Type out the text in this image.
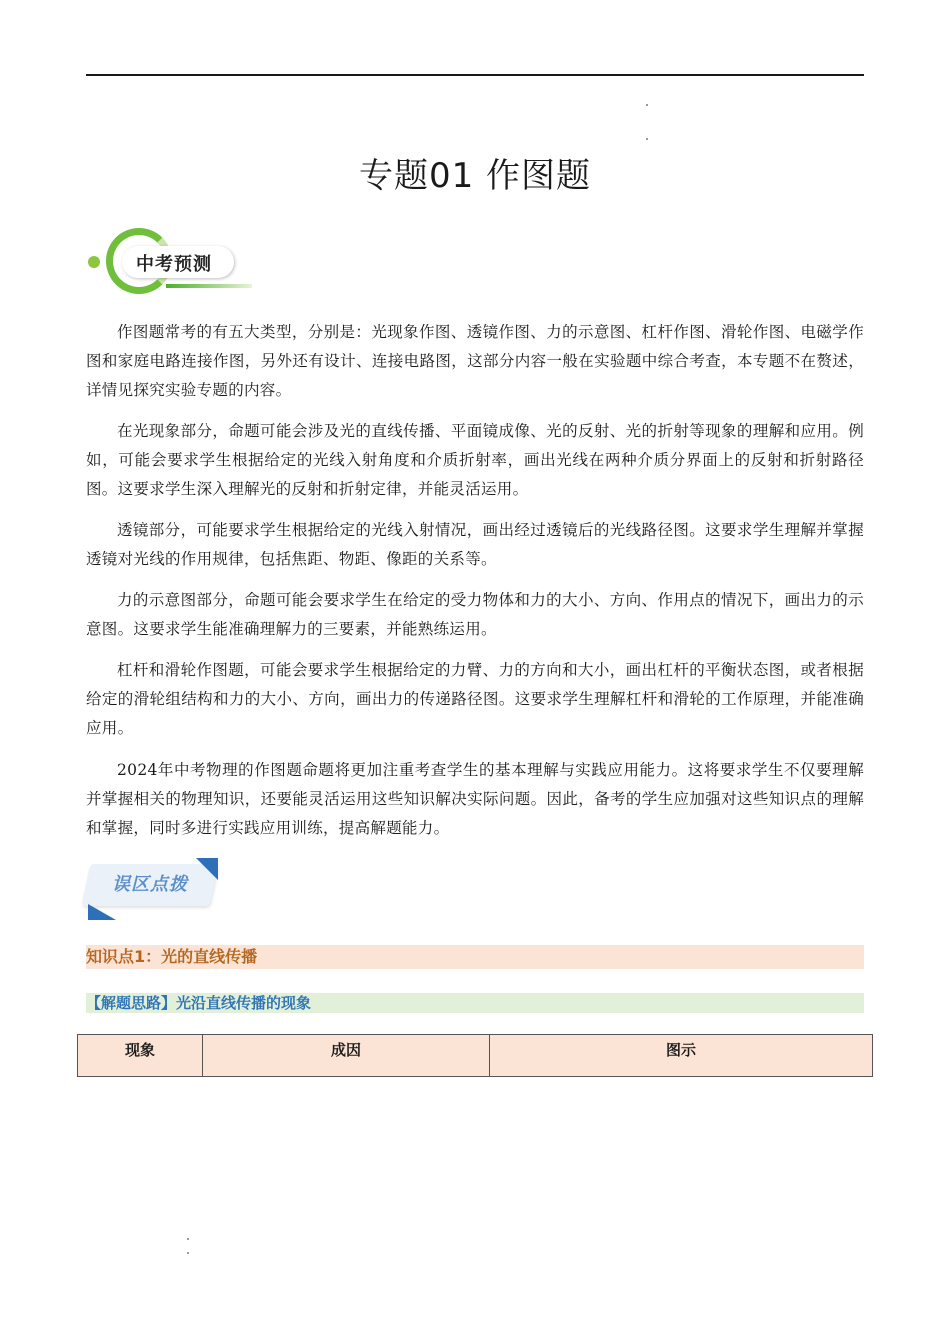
专题01 作图题
中考预测
作图题常考的有五大类型，分别是：光现象作图、透镜作图、力的示意图、杠杆作图、滑轮作图、电磁学作图和家庭电路连接作图，另外还有设计、连接电路图，这部分内容一般在实验题中综合考查，本专题不在赘述，详情见探究实验专题的内容。
在光现象部分，命题可能会涉及光的直线传播、平面镜成像、光的反射、光的折射等现象的理解和应用。例如，可能会要求学生根据给定的光线入射角度和介质折射率，画出光线在两种介质分界面上的反射和折射路径图。这要求学生深入理解光的反射和折射定律，并能灵活运用。
透镜部分，可能要求学生根据给定的光线入射情况，画出经过透镜后的光线路径图。这要求学生理解并掌握透镜对光线的作用规律，包括焦距、物距、像距的关系等。
力的示意图部分，命题可能会要求学生在给定的受力物体和力的大小、方向、作用点的情况下，画出力的示意图。这要求学生能准确理解力的三要素，并能熟练运用。
杠杆和滑轮作图题，可能会要求学生根据给定的力臂、力的方向和大小，画出杠杆的平衡状态图，或者根据给定的滑轮组结构和力的大小、方向，画出力的传递路径图。这要求学生理解杠杆和滑轮的工作原理，并能准确应用。
2024年中考物理的作图题命题将更加注重考查学生的基本理解与实践应用能力。这将要求学生不仅要理解并掌握相关的物理知识，还要能灵活运用这些知识解决实际问题。因此，备考的学生应加强对这些知识点的理解和掌握，同时多进行实践应用训练，提高解题能力。
误区点拨
知识点1：光的直线传播
【解题思路】光沿直线传播的现象
现象	成因	图示
